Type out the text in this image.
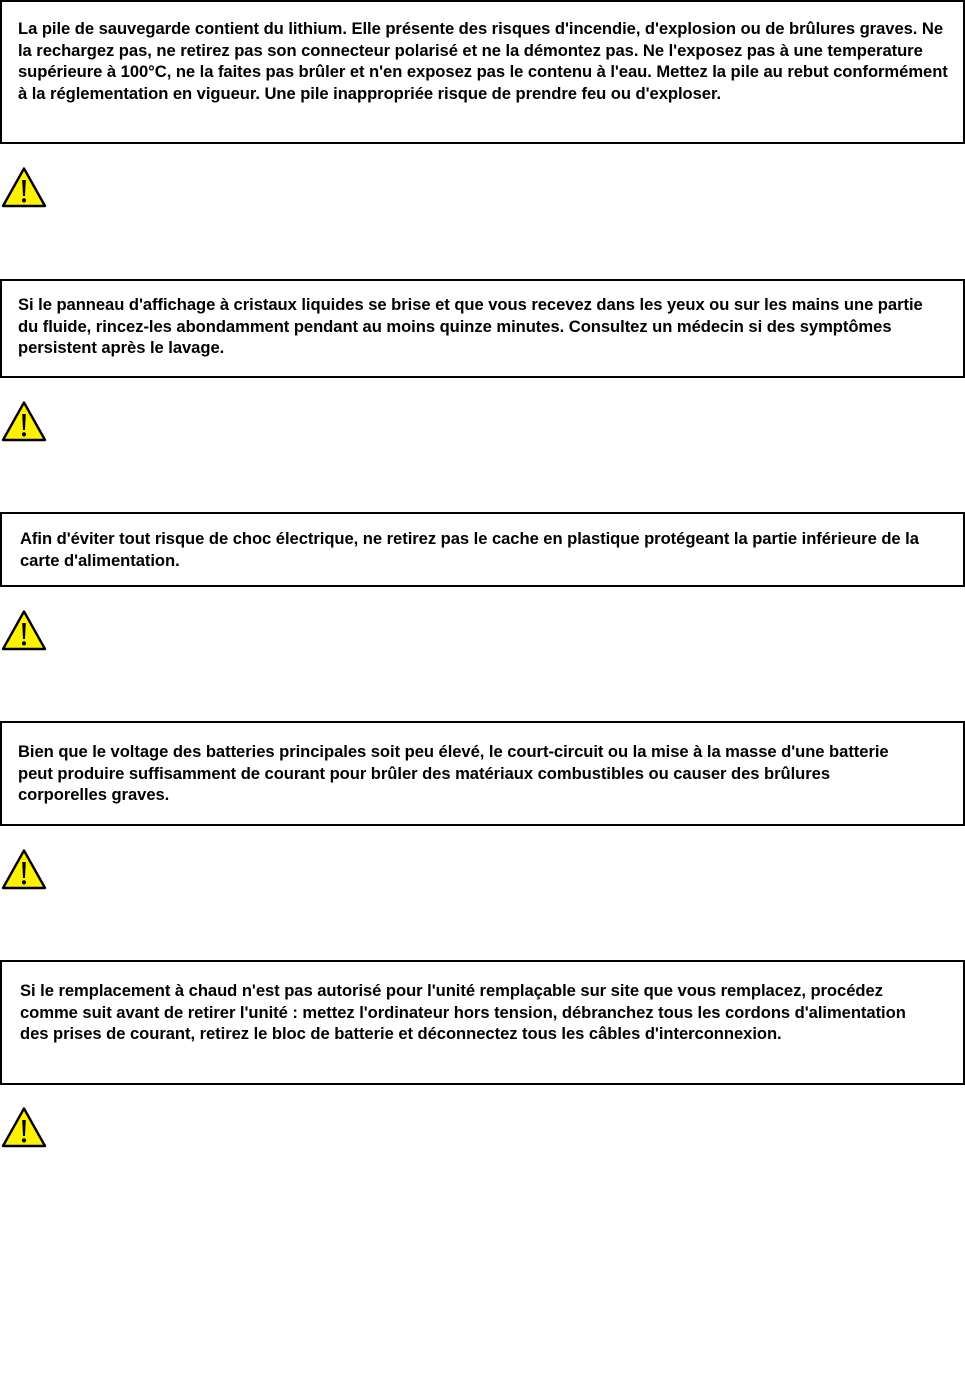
La pile de sauvegarde contient du lithium. Elle présente des risques d'incendie, d'explosion ou de brûlures graves. Ne la rechargez pas, ne retirez pas son connecteur polarisé et ne la démontez pas. Ne l'exposez pas à une temperature supérieure à 100°C, ne la faites pas brûler et n'en exposez pas le contenu à l'eau. Mettez la pile au rebut conformément à la réglementation en vigueur. Une pile inappropriée risque de prendre feu ou d'exploser.

Si le panneau d'affichage à cristaux liquides se brise et que vous recevez dans les yeux ou sur les mains une partie du fluide, rincez-les abondamment pendant au moins quinze minutes. Consultez un médecin si des symptômes persistent après le lavage.

Afin d'éviter tout risque de choc électrique, ne retirez pas le cache en plastique protégeant la partie inférieure de la carte d'alimentation.

Bien que le voltage des batteries principales soit peu élevé, le court-circuit ou la mise à la masse d'une batterie peut produire suffisamment de courant pour brûler des matériaux combustibles ou causer des brûlures corporelles graves.

Si le remplacement à chaud n'est pas autorisé pour l'unité remplaçable sur site que vous remplacez, procédez comme suit avant de retirer l'unité : mettez l'ordinateur hors tension, débranchez tous les cordons d'alimentation des prises de courant, retirez le bloc de batterie et déconnectez tous les câbles d'interconnexion.
